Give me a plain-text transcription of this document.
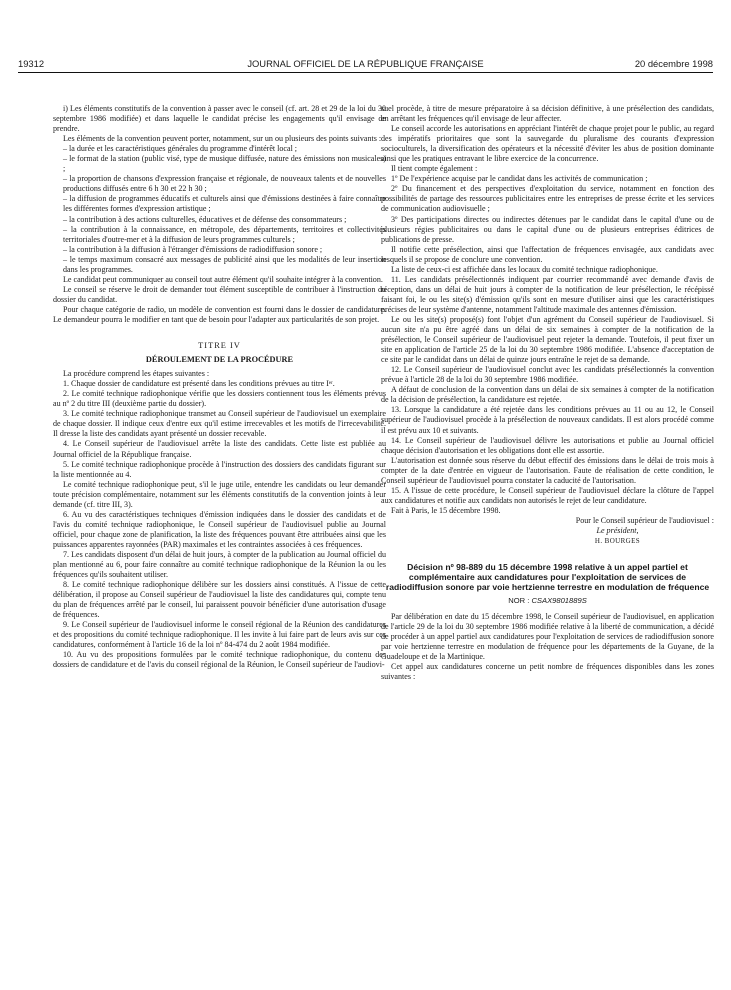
19312	JOURNAL OFFICIEL DE LA RÉPUBLIQUE FRANÇAISE	20 décembre 1998

i) Les éléments constitutifs de la convention à passer avec le conseil (cf. art. 28 et 29 de la loi du 30 septembre 1986 modifiée) et dans laquelle le candidat précise les engagements qu'il envisage de prendre.

Les éléments de la convention peuvent porter, notamment, sur un ou plusieurs des points suivants :

– la durée et les caractéristiques générales du programme d'intérêt local ;

– le format de la station (public visé, type de musique diffusée, nature des émissions non musicales) ;

– la proportion de chansons d'expression française et régionale, de nouveaux talents et de nouvelles productions diffusés entre 6 h 30 et 22 h 30 ;

– la diffusion de programmes éducatifs et culturels ainsi que d'émissions destinées à faire connaître les différentes formes d'expression artistique ;

– la contribution à des actions culturelles, éducatives et de défense des consommateurs ;

– la contribution à la connaissance, en métropole, des départements, territoires et collectivités territoriales d'outre-mer et à la diffusion de leurs programmes culturels ;

– la contribution à la diffusion à l'étranger d'émissions de radiodiffusion sonore ;

– le temps maximum consacré aux messages de publicité ainsi que les modalités de leur insertion dans les programmes.

Le candidat peut communiquer au conseil tout autre élément qu'il souhaite intégrer à la convention.

Le conseil se réserve le droit de demander tout élément susceptible de contribuer à l'instruction du dossier du candidat.

Pour chaque catégorie de radio, un modèle de convention est fourni dans le dossier de candidature. Le demandeur pourra le modifier en tant que de besoin pour l'adapter aux particularités de son projet.

TITRE IV

DÉROULEMENT DE LA PROCÉDURE

La procédure comprend les étapes suivantes :

1. Chaque dossier de candidature est présenté dans les conditions prévues au titre Iᵉʳ.

2. Le comité technique radiophonique vérifie que les dossiers contiennent tous les éléments prévus au nº 2 du titre III (deuxième partie du dossier).

3. Le comité technique radiophonique transmet au Conseil supérieur de l'audiovisuel un exemplaire de chaque dossier. Il indique ceux d'entre eux qu'il estime irrecevables et les motifs de l'irrecevabilité. Il dresse la liste des candidats ayant présenté un dossier recevable.

4. Le Conseil supérieur de l'audiovisuel arrête la liste des candidats. Cette liste est publiée au Journal officiel de la République française.

5. Le comité technique radiophonique procède à l'instruction des dossiers des candidats figurant sur la liste mentionnée au 4.

Le comité technique radiophonique peut, s'il le juge utile, entendre les candidats ou leur demander toute précision complémentaire, notamment sur les éléments constitutifs de la convention joints à leur demande (cf. titre III, 3).

6. Au vu des caractéristiques techniques d'émission indiquées dans le dossier des candidats et de l'avis du comité technique radiophonique, le Conseil supérieur de l'audiovisuel publie au Journal officiel, pour chaque zone de planification, la liste des fréquences pouvant être attribuées ainsi que les puissances apparentes rayonnées (PAR) maximales et les contraintes associées à ces fréquences.

7. Les candidats disposent d'un délai de huit jours, à compter de la publication au Journal officiel du plan mentionné au 6, pour faire connaître au comité technique radiophonique de la Réunion la ou les fréquences qu'ils souhaitent utiliser.

8. Le comité technique radiophonique délibère sur les dossiers ainsi constitués. A l'issue de cette délibération, il propose au Conseil supérieur de l'audiovisuel la liste des candidatures qui, compte tenu du plan de fréquences arrêté par le conseil, lui paraissent pouvoir bénéficier d'une autorisation d'usage de fréquences.

9. Le Conseil supérieur de l'audiovisuel informe le conseil régional de la Réunion des candidatures et des propositions du comité technique radiophonique. Il les invite à lui faire part de leurs avis sur ces candidatures, conformément à l'article 16 de la loi nº 84-474 du 2 août 1984 modifiée.

10. Au vu des propositions formulées par le comité technique radiophonique, du contenu des dossiers de candidature et de l'avis du conseil régional de la Réunion, le Conseil supérieur de l'audiovi-

suel procède, à titre de mesure préparatoire à sa décision définitive, à une présélection des candidats, en arrêtant les fréquences qu'il envisage de leur affecter.

Le conseil accorde les autorisations en appréciant l'intérêt de chaque projet pour le public, au regard des impératifs prioritaires que sont la sauvegarde du pluralisme des courants d'expression socioculturels, la diversification des opérateurs et la nécessité d'éviter les abus de position dominante ainsi que les pratiques entravant le libre exercice de la concurrence.

Il tient compte également :

1º De l'expérience acquise par le candidat dans les activités de communication ;

2º Du financement et des perspectives d'exploitation du service, notamment en fonction des possibilités de partage des ressources publicitaires entre les entreprises de presse écrite et les services de communication audiovisuelle ;

3º Des participations directes ou indirectes détenues par le candidat dans le capital d'une ou de plusieurs régies publicitaires ou dans le capital d'une ou de plusieurs entreprises éditrices de publications de presse.

Il notifie cette présélection, ainsi que l'affectation de fréquences envisagée, aux candidats avec lesquels il se propose de conclure une convention.

La liste de ceux-ci est affichée dans les locaux du comité technique radiophonique.

11. Les candidats présélectionnés indiquent par courrier recommandé avec demande d'avis de réception, dans un délai de huit jours à compter de la notification de leur présélection, le récépissé faisant foi, le ou les site(s) d'émission qu'ils sont en mesure d'utiliser ainsi que les caractéristiques précises de leur système d'antenne, notamment l'altitude maximale des antennes d'émission.

Le ou les site(s) proposé(s) font l'objet d'un agrément du Conseil supérieur de l'audiovisuel. Si aucun site n'a pu être agréé dans un délai de six semaines à compter de la notification de la présélection, le Conseil supérieur de l'audiovisuel peut rejeter la demande. Toutefois, il peut fixer un site en application de l'article 25 de la loi du 30 septembre 1986 modifiée. L'absence d'acceptation de ce site par le candidat dans un délai de quinze jours entraîne le rejet de sa demande.

12. Le Conseil supérieur de l'audiovisuel conclut avec les candidats présélectionnés la convention prévue à l'article 28 de la loi du 30 septembre 1986 modifiée.

A défaut de conclusion de la convention dans un délai de six semaines à compter de la notification de la décision de présélection, la candidature est rejetée.

13. Lorsque la candidature a été rejetée dans les conditions prévues au 11 ou au 12, le Conseil supérieur de l'audiovisuel procède à la présélection de nouveaux candidats. Il est alors procédé comme il est prévu aux 10 et suivants.

14. Le Conseil supérieur de l'audiovisuel délivre les autorisations et publie au Journal officiel chaque décision d'autorisation et les obligations dont elle est assortie.

L'autorisation est donnée sous réserve du début effectif des émissions dans le délai de trois mois à compter de la date d'entrée en vigueur de l'autorisation. Faute de réalisation de cette condition, le Conseil supérieur de l'audiovisuel pourra constater la caducité de l'autorisation.

15. A l'issue de cette procédure, le Conseil supérieur de l'audiovisuel déclare la clôture de l'appel aux candidatures et notifie aux candidats non autorisés le rejet de leur candidature.

Fait à Paris, le 15 décembre 1998.

Pour le Conseil supérieur de l'audiovisuel :

Le président,

H. BOURGES

Décision nº 98-889 du 15 décembre 1998 relative à un appel partiel et complémentaire aux candidatures pour l'exploitation de services de radiodiffusion sonore par voie hertzienne terrestre en modulation de fréquence
NOR : CSAX9801889S

Par délibération en date du 15 décembre 1998, le Conseil supérieur de l'audiovisuel, en application de l'article 29 de la loi du 30 septembre 1986 modifiée relative à la liberté de communication, a décidé de procéder à un appel partiel aux candidatures pour l'exploitation de services de radiodiffusion sonore par voie hertzienne terrestre en modulation de fréquence pour les départements de la Guyane, de la Guadeloupe et de la Martinique.

Cet appel aux candidatures concerne un petit nombre de fréquences disponibles dans les zones suivantes :
